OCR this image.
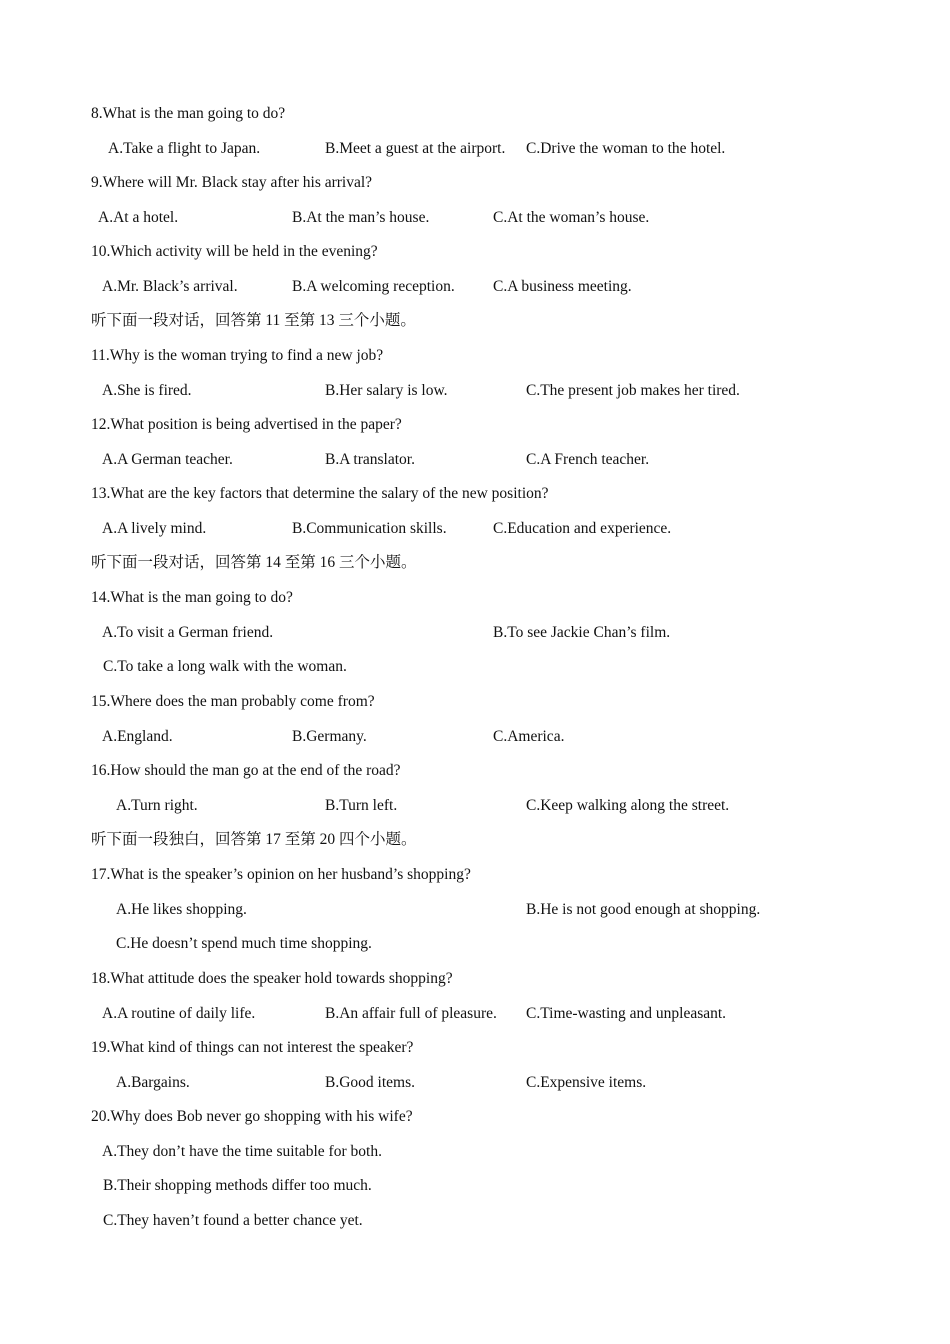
8.What is the man going to do?
A.Take a flight to Japan.	B.Meet a guest at the airport. C.Drive the woman to the hotel.
9.Where will Mr. Black stay after his arrival?
A.At a hotel.	B.At the man’s house.	C.At the woman’s house.
10.Which activity will be held in the evening?
A.Mr. Black’s arrival.	B.A welcoming reception. C.A business meeting.
听下面一段对话，回答第 11 至第 13 三个小题。
11.Why is the woman trying to find a new job?
A.She is fired.	B.Her salary is low.	C.The present job makes her tired.
12.What position is being advertised in the paper?
A.A German teacher.	B.A translator.	C.A French teacher.
13.What are the key factors that determine the salary of the new position?
A.A lively mind.	B.Communication skills.	C.Education and experience.
听下面一段对话，回答第 14 至第 16 三个小题。
14.What is the man going to do?
A.To visit a German friend.	B.To see Jackie Chan’s film.
C.To take a long walk with the woman.
15.Where does the man probably come from?
A.England.	B.Germany.	C.America.
16.How should the man go at the end of the road?
A.Turn right.	B.Turn left.	C.Keep walking along the street.
听下面一段独白，回答第 17 至第 20 四个小题。
17.What is the speaker’s opinion on her husband’s shopping?
A.He likes shopping.	B.He is not good enough at shopping.
C.He doesn’t spend much time shopping.
18.What attitude does the speaker hold towards shopping?
A.A routine of daily life.	B.An affair full of pleasure. C.Time-wasting and unpleasant.
19.What kind of things can not interest the speaker?
A.Bargains.	B.Good items.	C.Expensive items.
20.Why does Bob never go shopping with his wife?
A.They don’t have the time suitable for both.
B.Their shopping methods differ too much.
C.They haven’t found a better chance yet.
